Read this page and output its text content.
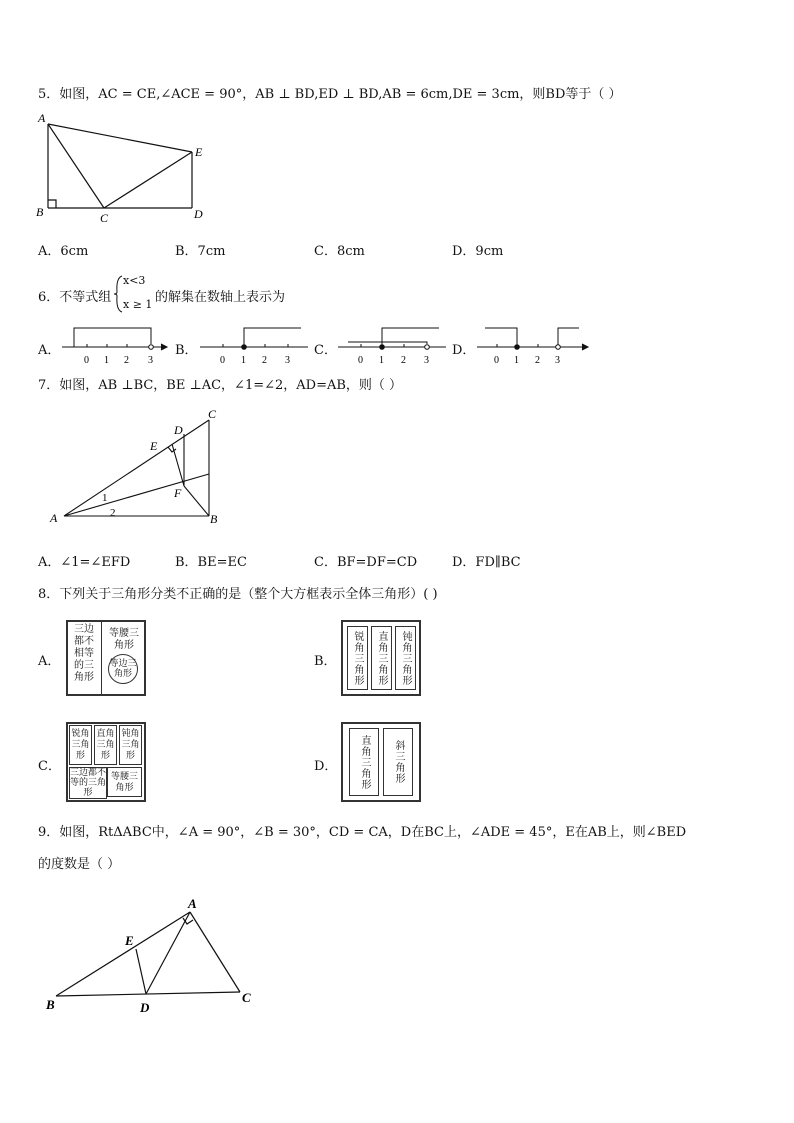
5．如图，AC = CE,∠ACE = 90°，AB ⊥ BD,ED ⊥ BD,AB = 6cm,DE = 3cm，则BD等于（ ）
A
B	C	D
E
A．6cm	B．7cm	C．8cm	D．9cm
6．不等式组
x<3
x ≥ 1 的解集在数轴上表示为
A．	B．	C．	D．
0 1 2 3	0 1 2 3	0 1 2 3	0 1 2 3
7．如图，AB ⊥BC，BE ⊥AC，∠1=∠2，AD=AB，则（ ）
A	B
C
D
E
F
1
2
A．∠1=∠EFD	B．BE=EC	C．BF=DF=CD	D．FD∥BC
8．下列关于三角形分类不正确的是（整个大方框表示全体三角形）( )
A．
三边都不相等的三角形
等腰三角形
等边三角形
B．	锐角三角形	直角三角形	钝角三角形
C．
锐角三角形
直角三角形
钝角三角形
三边都不等的三角形
等腰三角形
D．	直角三角形	斜三角形
9．如图，RtΔABC中，∠A = 90°，∠B = 30°，CD = CA，D在BC上，∠ADE = 45°，E在AB上，则∠BED
的度数是（ ）
B
A
C
D
E
